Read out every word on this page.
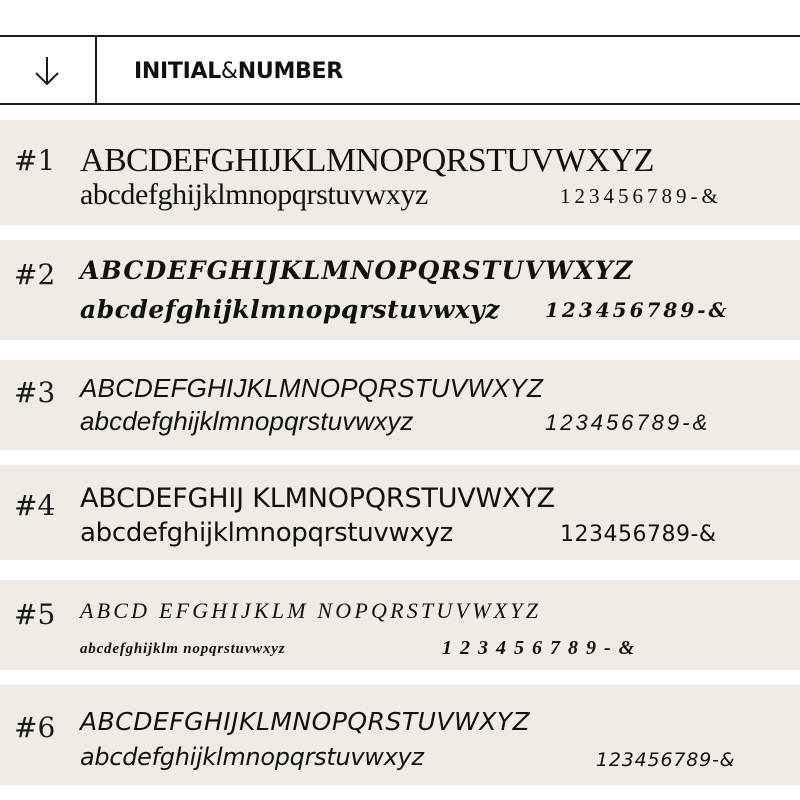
INITIAL&NUMBER
#1 ABCDEFGHIJKLMNOPQRSTUVWXYZ
abcdefghijklmnopqrstuvwxyz	123456789-&
#2 ABCDEFGHIJKLMNOPQRSTUVWXYZ
abcdefghijklmnopqrstuvwxyz 123456789-&
#3 ABCDEFGHIJKLMNOPQRSTUVWXYZ
abcdefghijklmnopqrstuvwxyz	123456789-&
#4 ABCDEFGHIJ KLMNOPQRSTUVWXYZ
abcdefghijklmnopqrstuvwxyz	123456789-&
#5 ABCD EFGHIJKLM NOPQRSTUVWXYZ
abcdefghijklm nopqrstuvwxyz	123456789-&
#6 ABCDEFGHIJKLMNOPQRSTUVWXYZ
abcdefghijklmnopqrstuvwxyz	123456789-&
